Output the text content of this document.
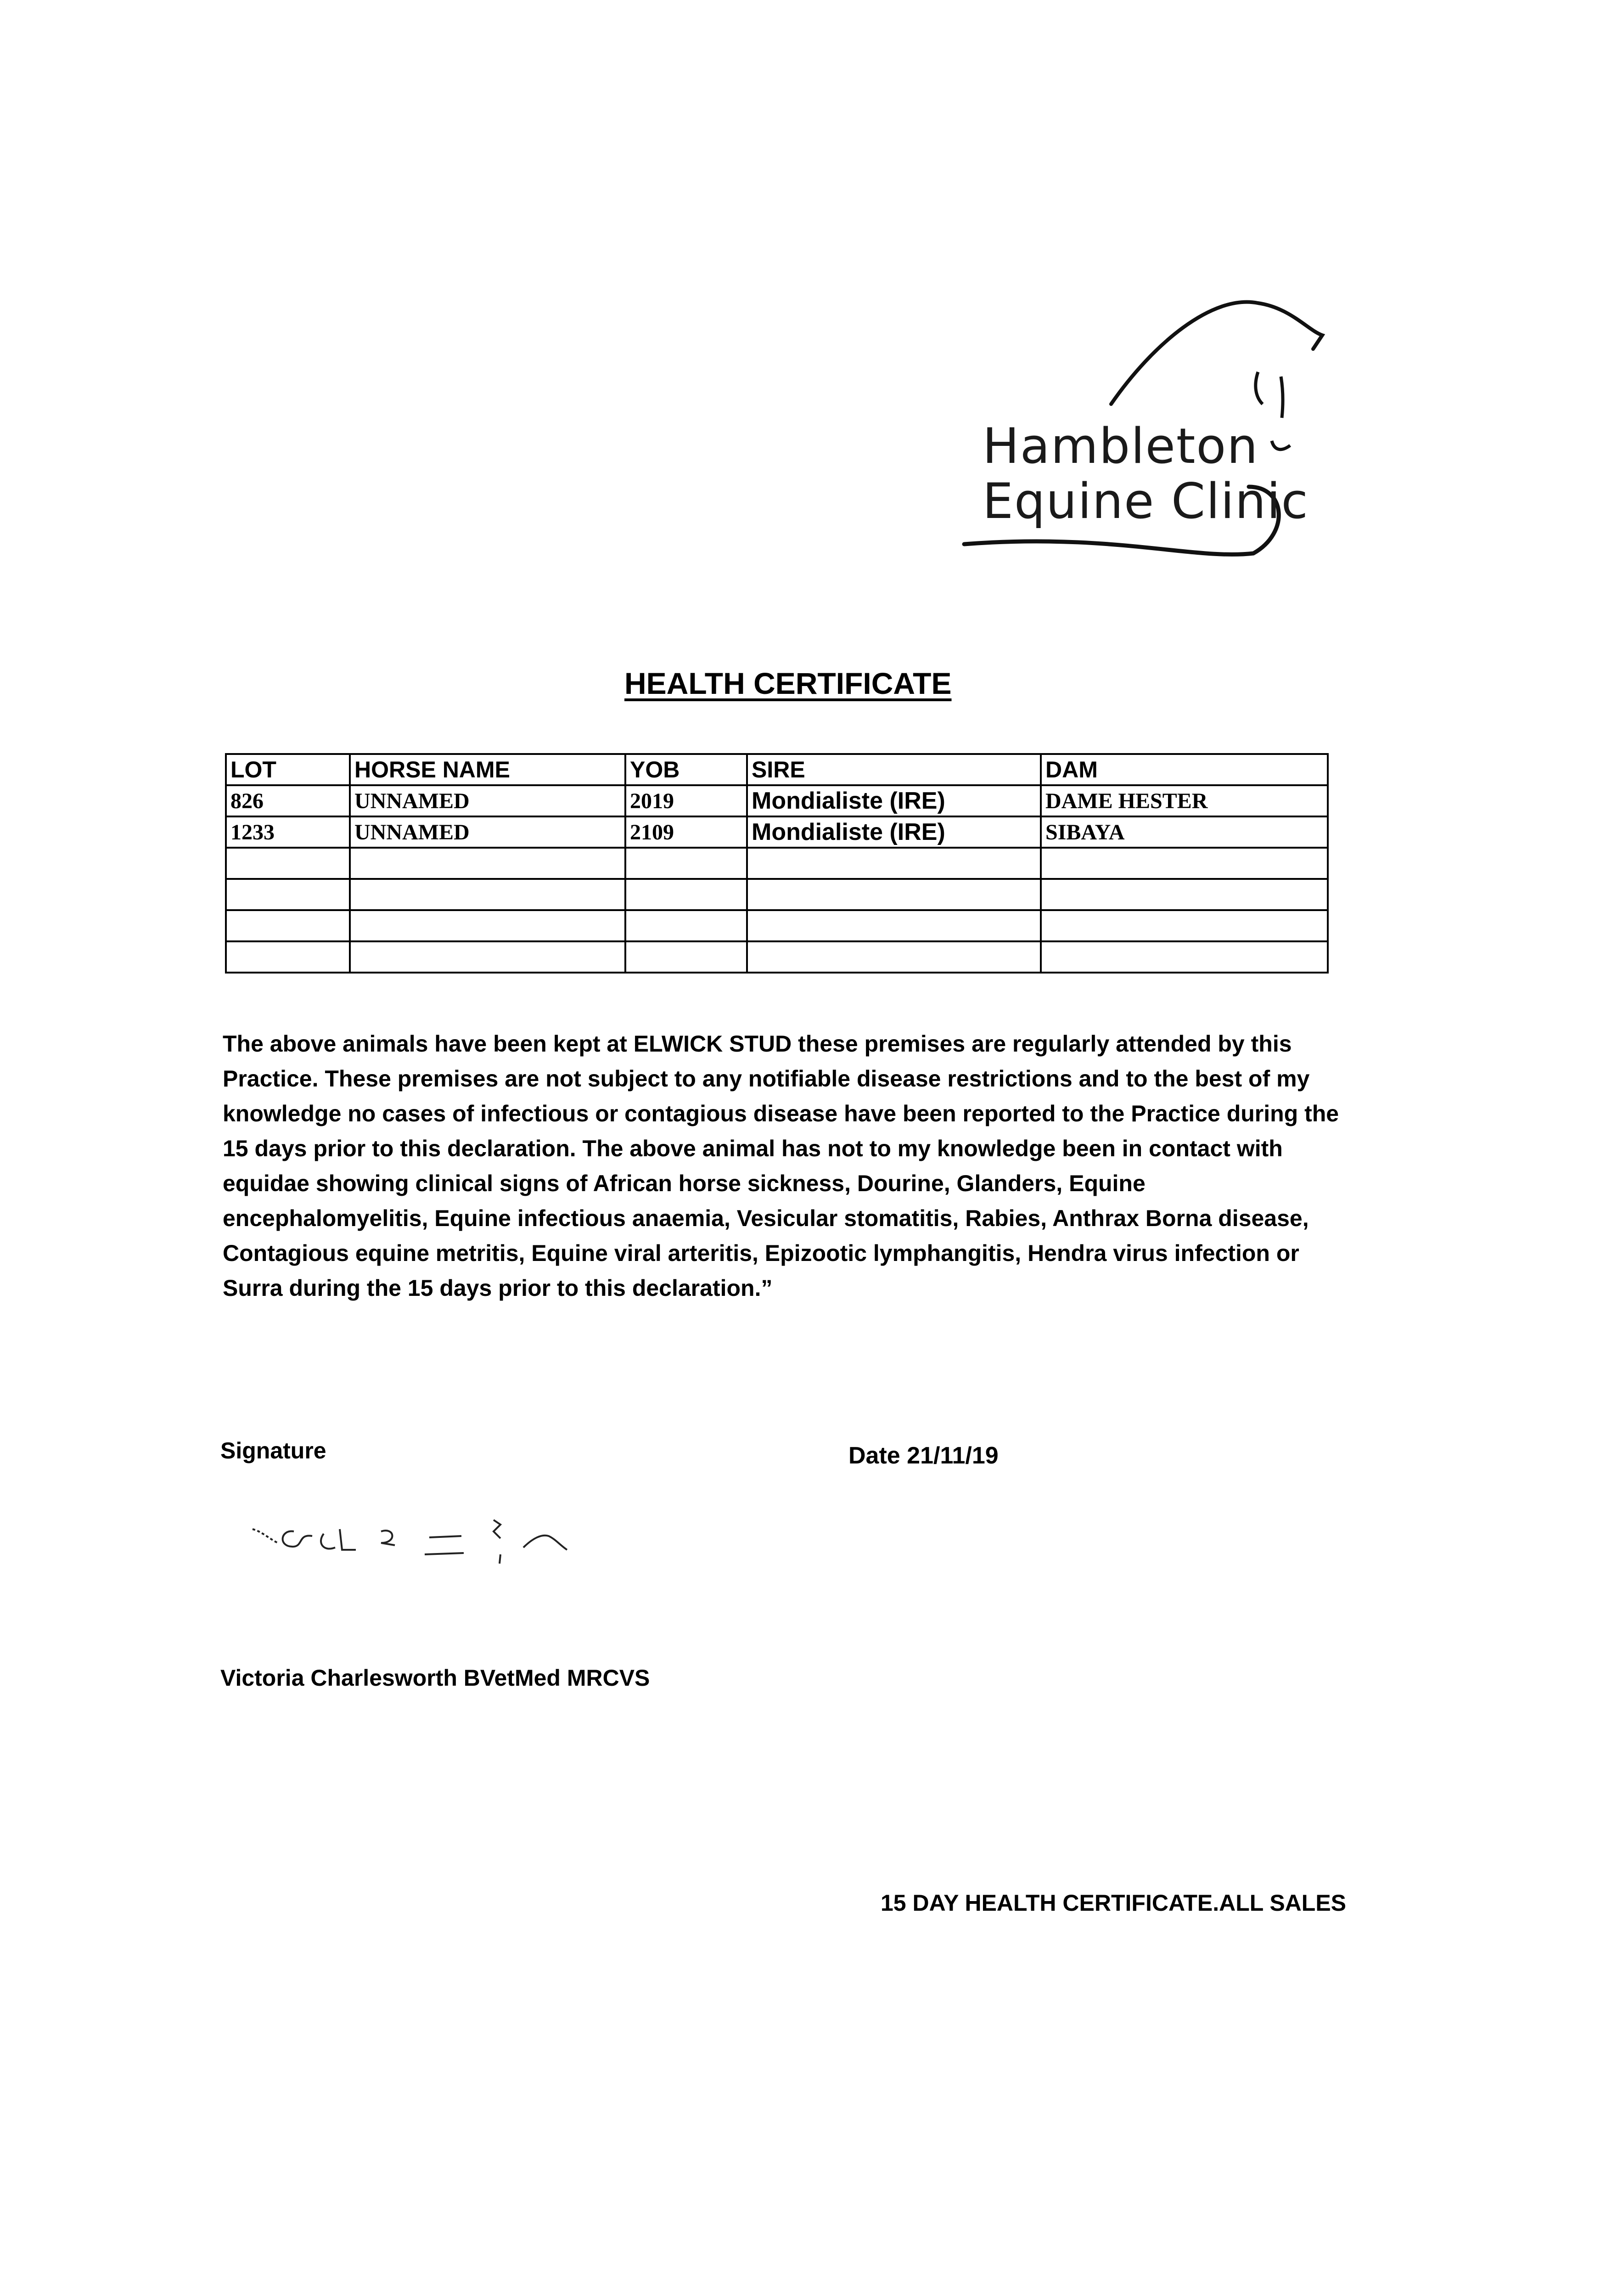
Hambleton
Equine Clinic
HEALTH CERTIFICATE
LOT	HORSE NAME	YOB	SIRE	DAM
826	UNNAMED	2019	Mondialiste (IRE)	DAME HESTER
1233	UNNAMED	2109	Mondialiste (IRE)	SIBAYA

The above animals have been kept at ELWICK STUD these premises are regularly attended by this Practice. These premises are not subject to any notifiable disease restrictions and to the best of my knowledge no cases of infectious or contagious disease have been reported to the Practice during the 15 days prior to this declaration. The above animal has not to my knowledge been in contact with equidae showing clinical signs of African horse sickness, Dourine, Glanders, Equine encephalomyelitis, Equine infectious anaemia, Vesicular stomatitis, Rabies, Anthrax Borna disease, Contagious equine metritis, Equine viral arteritis, Epizootic lymphangitis, Hendra virus infection or Surra during the 15 days prior to this declaration.”

Signature	Date 21/11/19
Victoria Charlesworth BVetMed MRCVS
15 DAY HEALTH CERTIFICATE.ALL SALES
